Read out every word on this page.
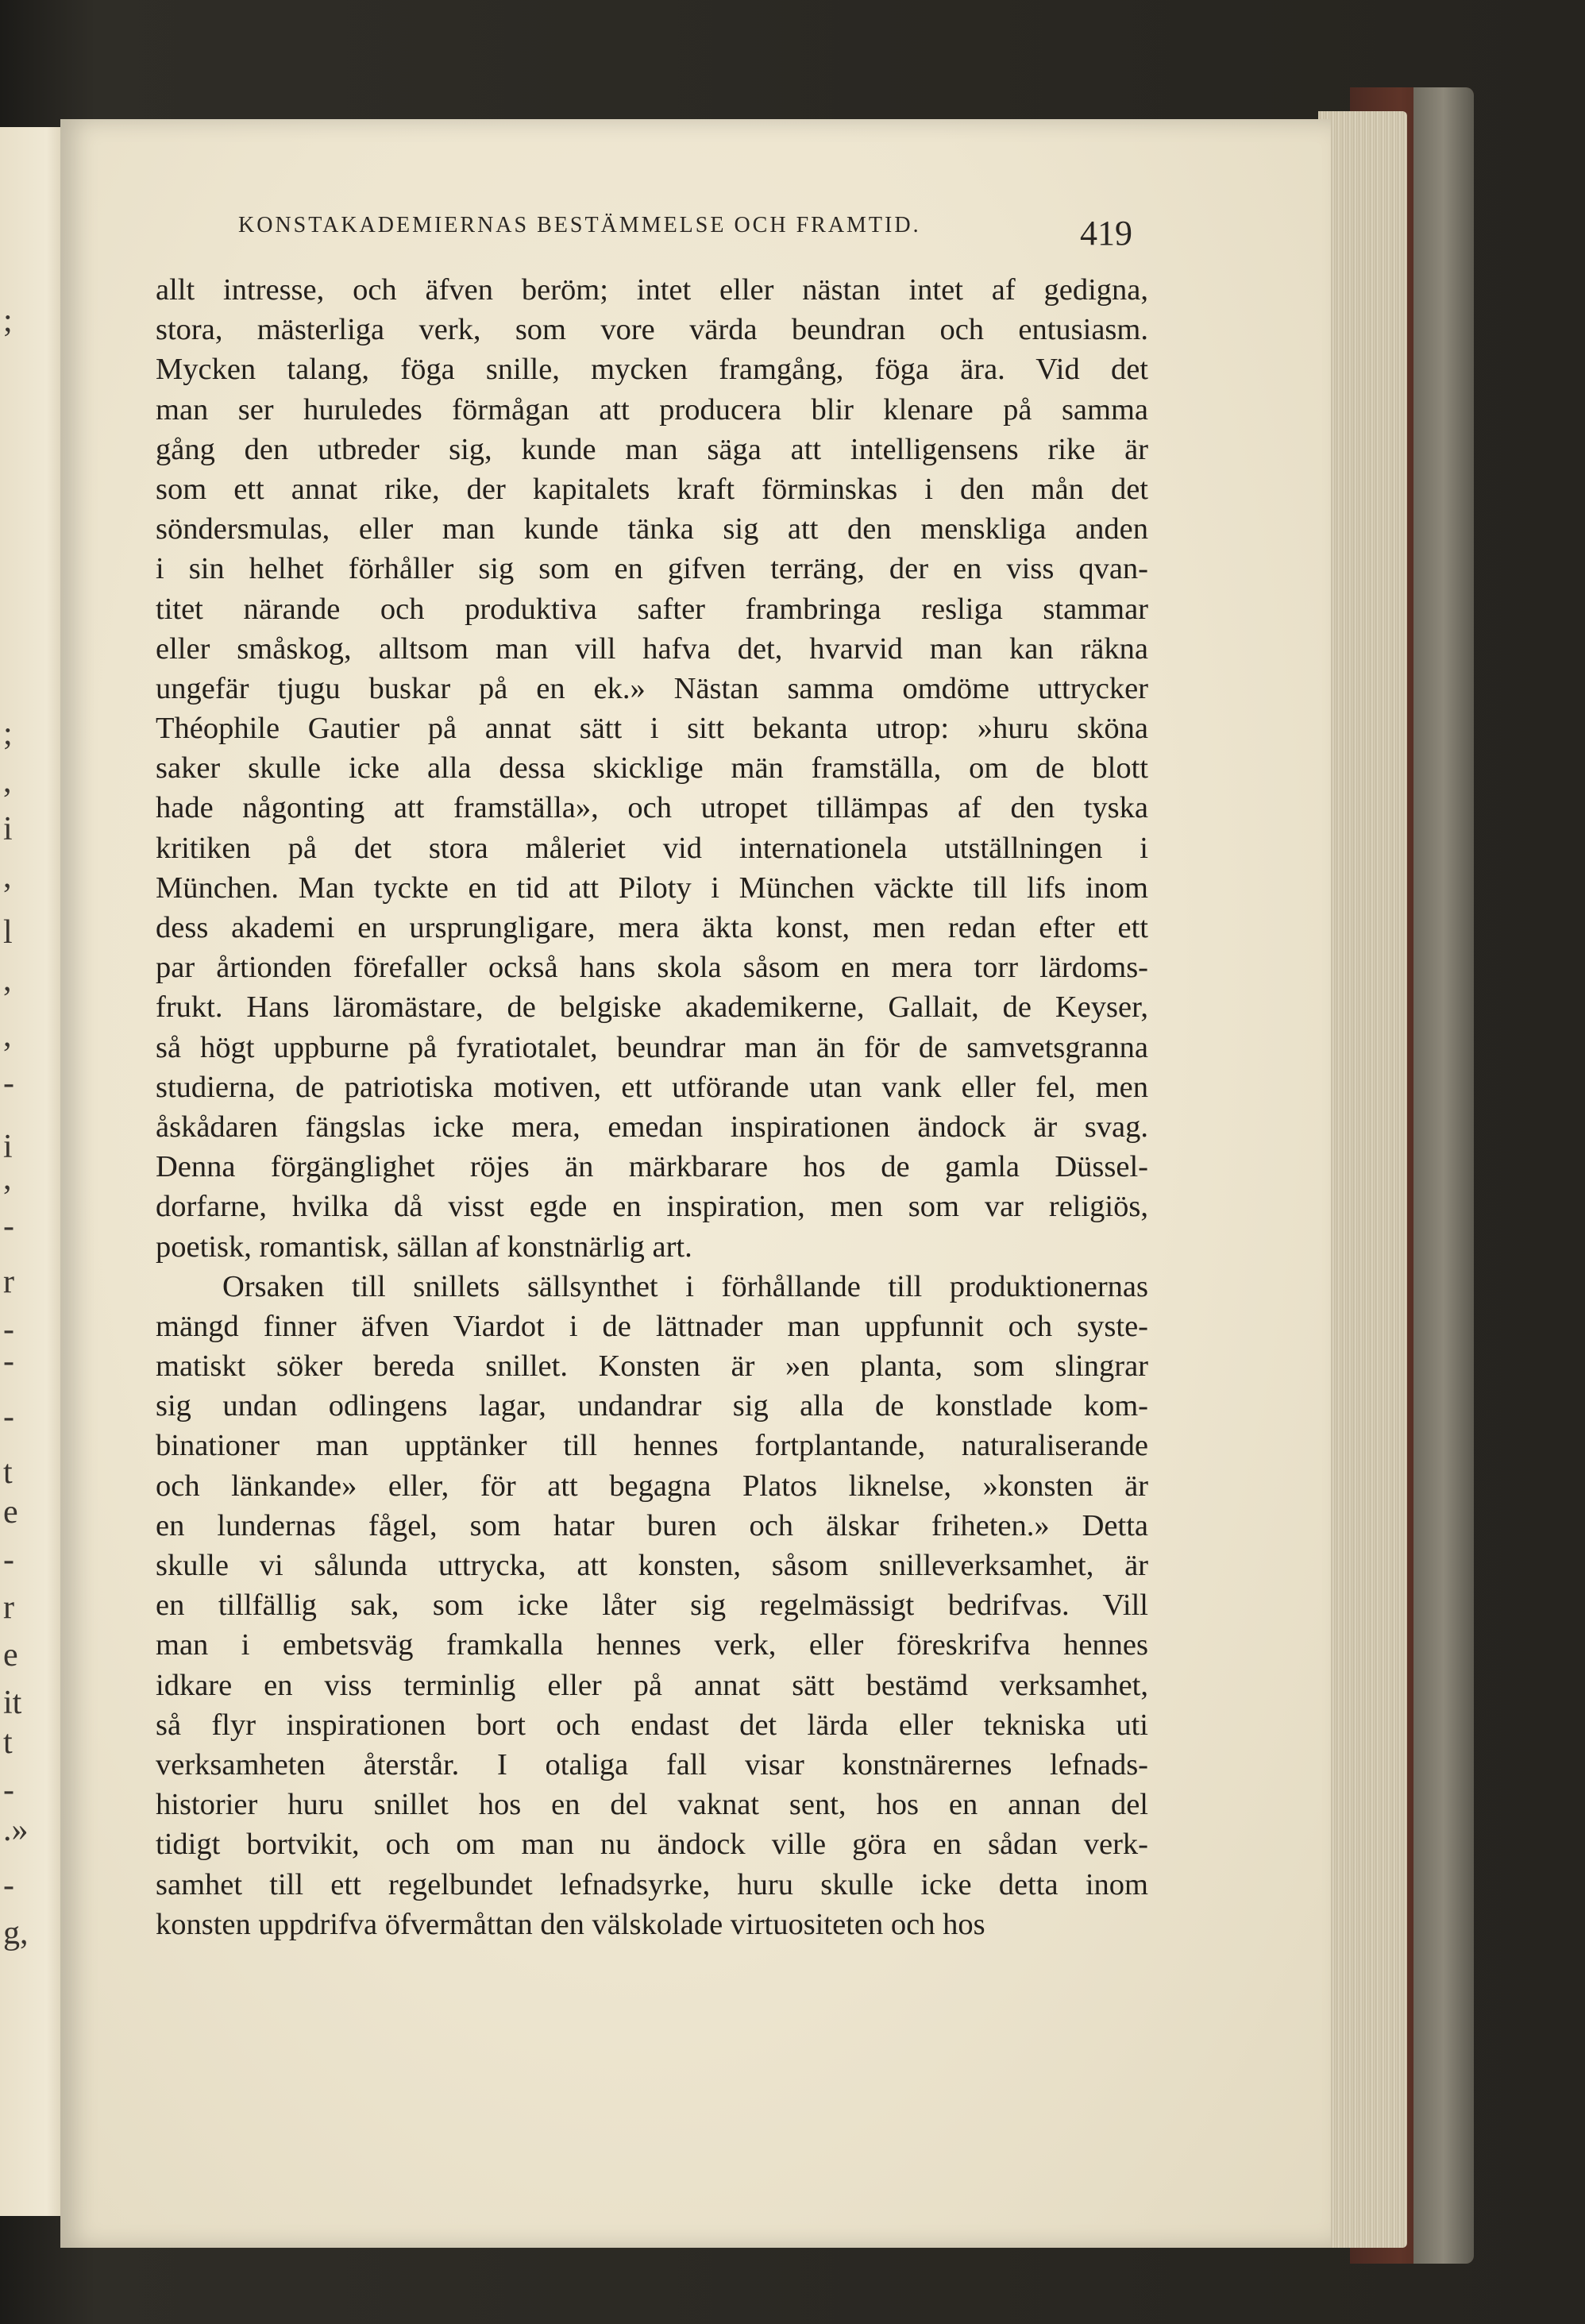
;
;
,
i
,
l
,
,
-
i
,
-
r
-
-
-
t
e
-
r
e
it
t
-
.»
-
g,
KONSTAKADEMIERNAS BESTÄMMELSE OCH FRAMTID.	419
allt intresse, och äfven beröm; intet eller nästan intet af gedigna,
stora, mästerliga verk, som vore värda beundran och entusiasm.
Mycken talang, föga snille, mycken framgång, föga ära. Vid det
man ser huruledes förmågan att producera blir klenare på samma
gång den utbreder sig, kunde man säga att intelligensens rike är
som ett annat rike, der kapitalets kraft förminskas i den mån det
söndersmulas, eller man kunde tänka sig att den menskliga anden
i sin helhet förhåller sig som en gifven terräng, der en viss qvan-
titet närande och produktiva safter frambringa resliga stammar
eller småskog, alltsom man vill hafva det, hvarvid man kan räkna
ungefär tjugu buskar på en ek.» Nästan samma omdöme uttrycker
Théophile Gautier på annat sätt i sitt bekanta utrop: »huru sköna
saker skulle icke alla dessa skicklige män framställa, om de blott
hade någonting att framställa», och utropet tillämpas af den tyska
kritiken på det stora måleriet vid internationela utställningen i
München. Man tyckte en tid att Piloty i München väckte till lifs inom
dess akademi en ursprungligare, mera äkta konst, men redan efter ett
par årtionden förefaller också hans skola såsom en mera torr lärdoms-
frukt. Hans läromästare, de belgiske akademikerne, Gallait, de Keyser,
så högt uppburne på fyratiotalet, beundrar man än för de samvetsgranna
studierna, de patriotiska motiven, ett utförande utan vank eller fel, men
åskådaren fängslas icke mera, emedan inspirationen ändock är svag.
Denna förgänglighet röjes än märkbarare hos de gamla Düssel-
dorfarne, hvilka då visst egde en inspiration, men som var religiös,
poetisk, romantisk, sällan af konstnärlig art.
Orsaken till snillets sällsynthet i förhållande till produktionernas
mängd finner äfven Viardot i de lättnader man uppfunnit och syste-
matiskt söker bereda snillet. Konsten är »en planta, som slingrar
sig undan odlingens lagar, undandrar sig alla de konstlade kom-
binationer man upptänker till hennes fortplantande, naturaliserande
och länkande» eller, för att begagna Platos liknelse, »konsten är
en lundernas fågel, som hatar buren och älskar friheten.» Detta
skulle vi sålunda uttrycka, att konsten, såsom snilleverksamhet, är
en tillfällig sak, som icke låter sig regelmässigt bedrifvas. Vill
man i embetsväg framkalla hennes verk, eller föreskrifva hennes
idkare en viss terminlig eller på annat sätt bestämd verksamhet,
så flyr inspirationen bort och endast det lärda eller tekniska uti
verksamheten återstår. I otaliga fall visar konstnärernes lefnads-
historier huru snillet hos en del vaknat sent, hos en annan del
tidigt bortvikit, och om man nu ändock ville göra en sådan verk-
samhet till ett regelbundet lefnadsyrke, huru skulle icke detta inom
konsten uppdrifva öfvermåttan den välskolade virtuositeten och hos
